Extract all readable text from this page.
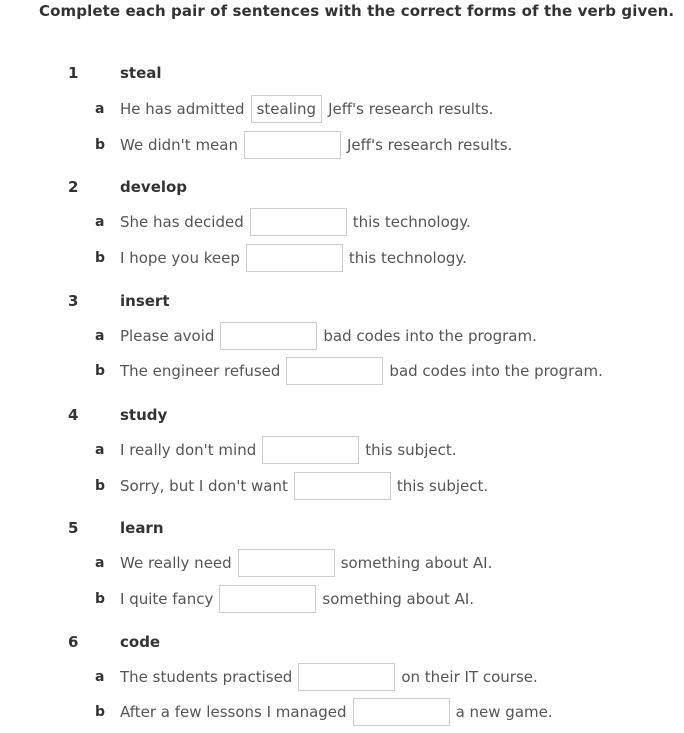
Complete each pair of sentences with the correct forms of the verb given.
1	steal
a	He has admitted stealing Jeff's research results.
b We didn't mean	Jeff's research results.
2	develop
a	She has decided	this technology.
b I hope you keep	this technology.
3	insert
a	Please avoid	bad codes into the program.
b The engineer refused	bad codes into the program.
4	study
a	I really don't mind	this subject.
b Sorry, but I don't want	this subject.
5	learn
a	We really need	something about AI.
b I quite fancy	something about AI.
6	code
a	The students practised	on their IT course.
b After a few lessons I managed	a new game.
